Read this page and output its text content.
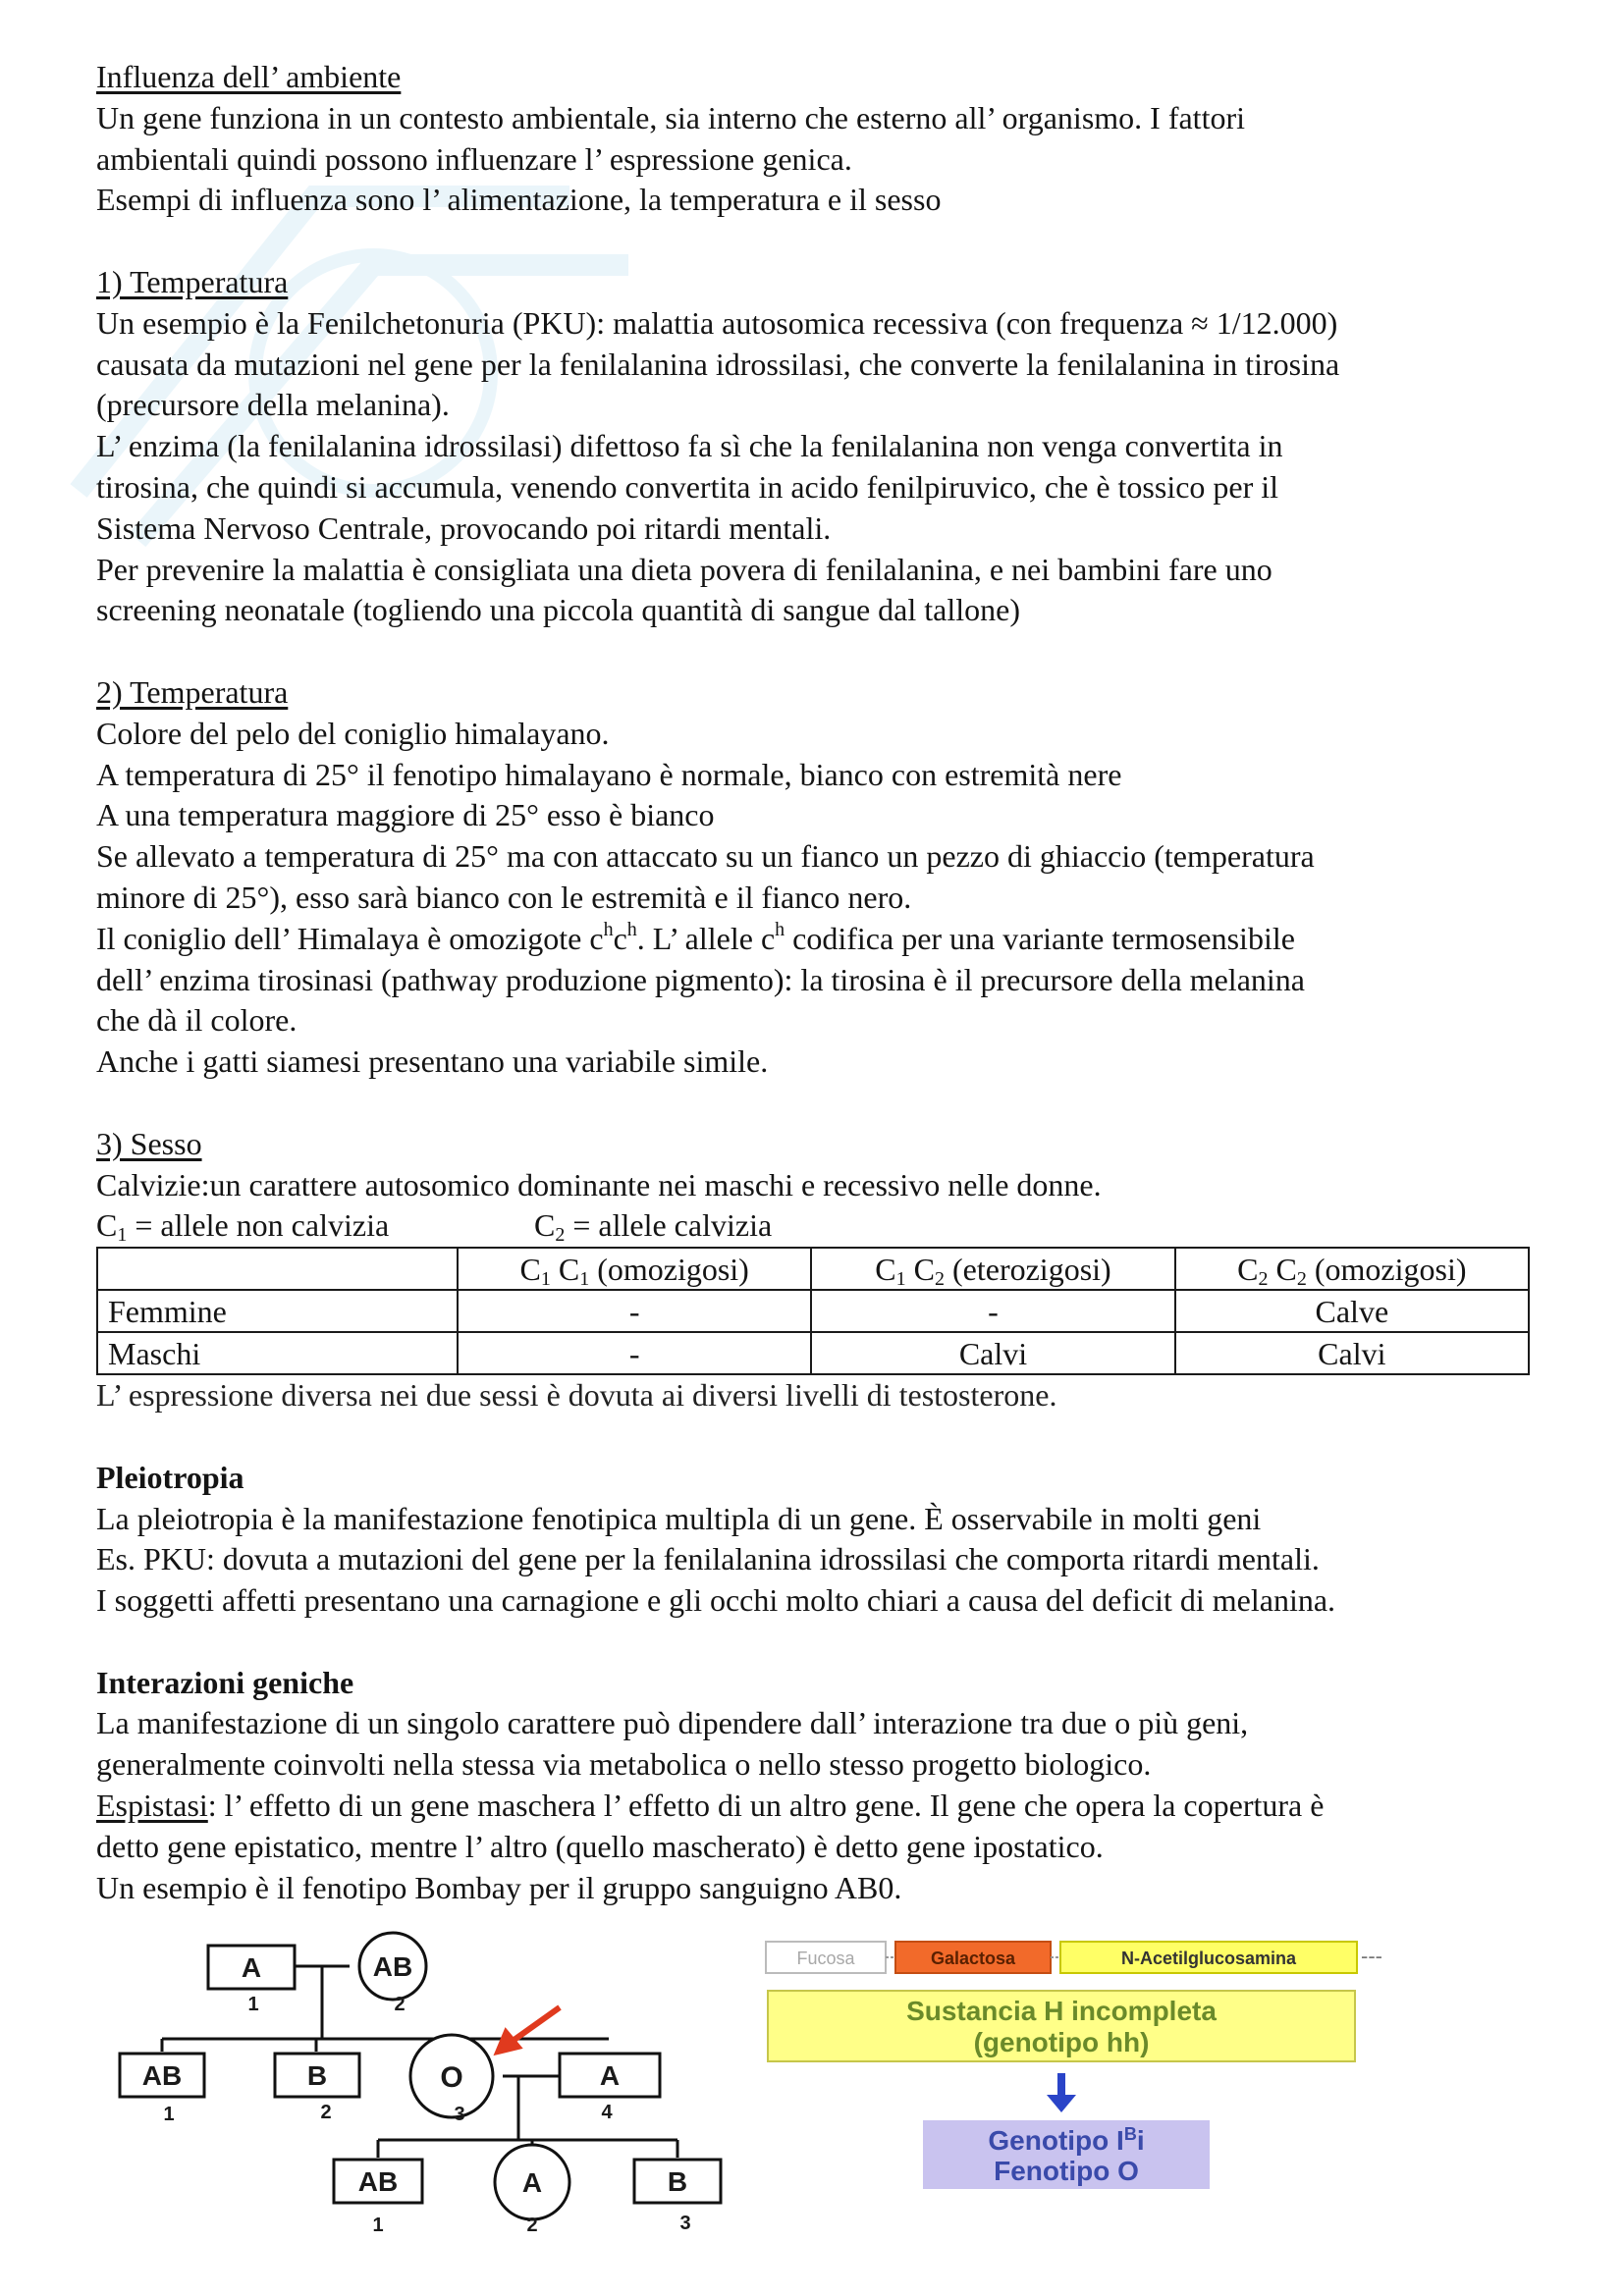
Influenza dell’ ambiente
Un gene funziona in un contesto ambientale, sia interno che esterno all’ organismo. I fattori
ambientali quindi possono influenzare l’ espressione genica.
Esempi di influenza sono l’ alimentazione, la temperatura e il sesso
1) Temperatura
Un esempio è la Fenilchetonuria (PKU): malattia autosomica recessiva (con frequenza ≈ 1/12.000)
causata da mutazioni nel gene per la fenilalanina idrossilasi, che converte la fenilalanina in tirosina
(precursore della melanina).
L’ enzima (la fenilalanina idrossilasi) difettoso fa sì che la fenilalanina non venga convertita in
tirosina, che quindi si accumula, venendo convertita in acido fenilpiruvico, che è tossico per il
Sistema Nervoso Centrale, provocando poi ritardi mentali.
Per prevenire la malattia è consigliata una dieta povera di fenilalanina, e nei bambini fare uno
screening neonatale (togliendo una piccola quantità di sangue dal tallone)
2) Temperatura
Colore del pelo del coniglio himalayano.
A temperatura di 25° il fenotipo himalayano è normale, bianco con estremità nere
A una temperatura maggiore di 25° esso è bianco
Se allevato a temperatura di 25° ma con attaccato su un fianco un pezzo di ghiaccio (temperatura
minore di 25°), esso sarà bianco con le estremità e il fianco nero.
Il coniglio dell’ Himalaya è omozigote $c^hc^h$. L’ allele $c^h$ codifica per una variante termosensibile
dell’ enzima tirosinasi (pathway produzione pigmento): la tirosina è il precursore della melanina
che dà il colore.
Anche i gatti siamesi presentano una variabile simile.
3) Sesso
Calvizie:un carattere autosomico dominante nei maschi e recessivo nelle donne.
$C_1$ = allele non calvizia	$C_2$ = allele calvizia
	$C_1$ $C_1$ (omozigosi)	$C_1$ $C_2$ (eterozigosi)	$C_2$ $C_2$ (omozigosi)
Femmine	-	-	Calve
Maschi	-	Calvi	Calvi
L’ espressione diversa nei due sessi è dovuta ai diversi livelli di testosterone.
Pleiotropia
La pleiotropia è la manifestazione fenotipica multipla di un gene. È osservabile in molti geni
Es. PKU: dovuta a mutazioni del gene per la fenilalanina idrossilasi che comporta ritardi mentali.
I soggetti affetti presentano una carnagione e gli occhi molto chiari a causa del deficit di melanina.
Interazioni geniche
La manifestazione di un singolo carattere può dipendere dall’ interazione tra due o più geni,
generalmente coinvolti nella stessa via metabolica o nello stesso progetto biologico.
Espistasi: l’ effetto di un gene maschera l’ effetto di un altro gene. Il gene che opera la copertura è
detto gene epistatico, mentre l’ altro (quello mascherato) è detto gene ipostatico.
Un esempio è il fenotipo Bombay per il gruppo sanguigno AB0.
A
1
AB
2
AB
1
B
2
O
3
A
4
AB
1
A
2
B
3
Fucosa	Galactosa	N-Acetilglucosamina	---
Sustancia H incompleta
(genotipo hh)
Genotipo $I^Bi$
Fenotipo O
